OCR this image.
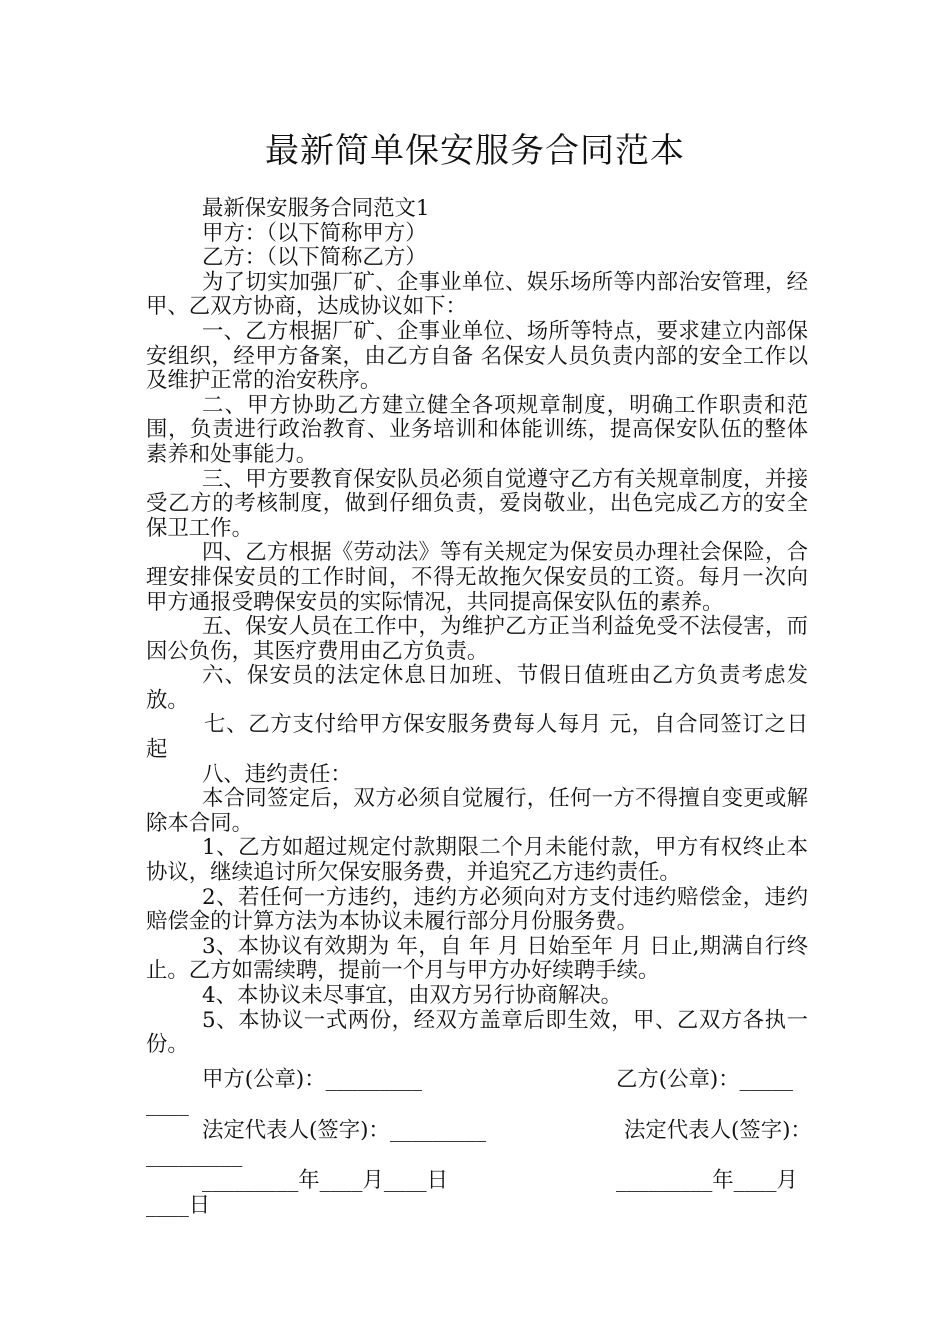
最新简单保安服务合同范本

最新保安服务合同范文1

甲方：（以下简称甲方）

乙方：（以下简称乙方）

为了切实加强厂矿、企事业单位、娱乐场所等内部治安管理，经甲、乙双方协商，达成协议如下：

一、乙方根据厂矿、企事业单位、场所等特点，要求建立内部保安组织，经甲方备案，由乙方自备 名保安人员负责内部的安全工作以及维护正常的治安秩序。

二、甲方协助乙方建立健全各项规章制度，明确工作职责和范围，负责进行政治教育、业务培训和体能训练，提高保安队伍的整体素养和处事能力。

三、甲方要教育保安队员必须自觉遵守乙方有关规章制度，并接受乙方的考核制度，做到仔细负责，爱岗敬业，出色完成乙方的安全保卫工作。

四、乙方根据《劳动法》等有关规定为保安员办理社会保险，合理安排保安员的工作时间，不得无故拖欠保安员的工资。每月一次向甲方通报受聘保安员的实际情况，共同提高保安队伍的素养。

五、保安人员在工作中，为维护乙方正当利益免受不法侵害，而因公负伤，其医疗费用由乙方负责。

六、保安员的法定休息日加班、节假日值班由乙方负责考虑发放。

七、乙方支付给甲方保安服务费每人每月 元，自合同签订之日起

八、违约责任：

本合同签定后，双方必须自觉履行，任何一方不得擅自变更或解除本合同。

1、乙方如超过规定付款期限二个月未能付款，甲方有权终止本协议，继续追讨所欠保安服务费，并追究乙方违约责任。

2、若任何一方违约，违约方必须向对方支付违约赔偿金，违约赔偿金的计算方法为本协议未履行部分月份服务费。

3、本协议有效期为 年，自 年 月 日始至年 月 日止,期满自行终止。乙方如需续聘，提前一个月与甲方办好续聘手续。

4、本协议未尽事宜，由双方另行协商解决。

5、本协议一式两份，经双方盖章后即生效，甲、乙双方各执一份。

甲方(公章)：_________	乙方(公章)：_____
____
法定代表人(签字)：_________	法定代表人(签字)：
_________
_________年____月____日	_________年____月
____日
